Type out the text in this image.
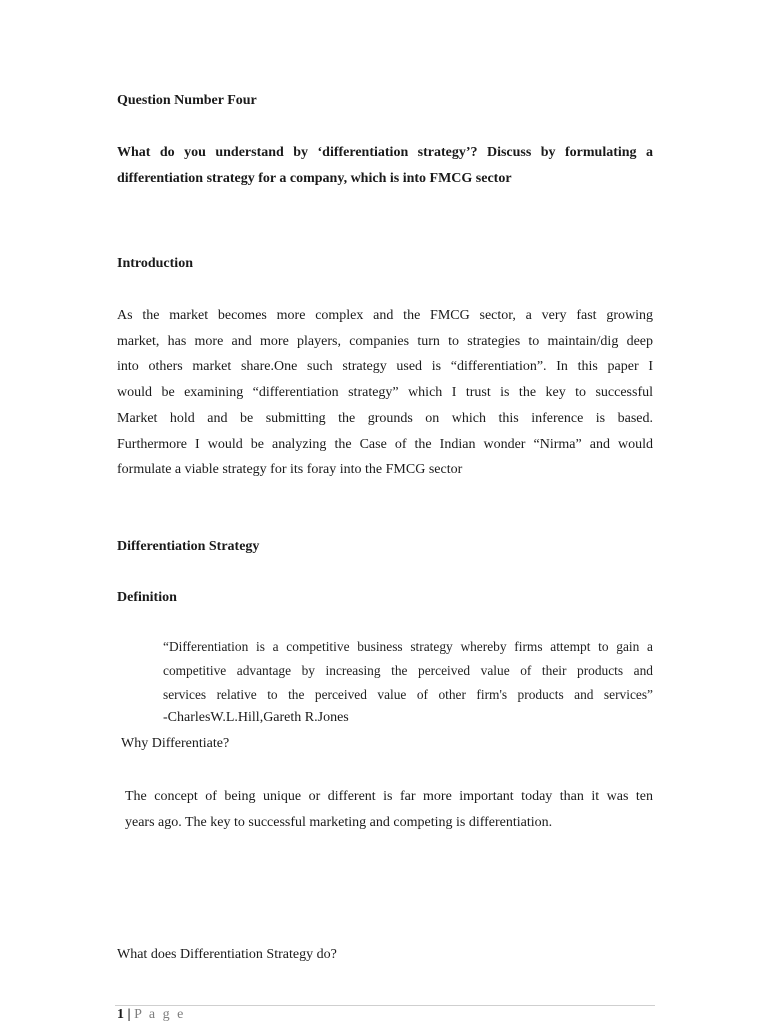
Question Number Four
What do you understand by ‘differentiation strategy’? Discuss by formulating a
differentiation strategy for a company, which is into FMCG sector
Introduction
As the market becomes more complex and the FMCG sector, a very fast growing
market, has more and more players, companies turn to strategies to maintain/dig deep
into others market share.One such strategy used is “differentiation”. In this paper I
would be examining “differentiation strategy” which I trust is the key to successful
Market hold and be submitting the grounds on which this inference is based.
Furthermore I would be analyzing the Case of the Indian wonder “Nirma” and would
formulate a viable strategy for its foray into the FMCG sector
Differentiation Strategy
Definition
“Differentiation is a competitive business strategy whereby firms attempt to gain a
competitive advantage by increasing the perceived value of their products and
services relative to the perceived value of other firm's products and services”
-CharlesW.L.Hill,Gareth R.Jones
Why Differentiate?
The concept of being unique or different is far more important today than it was ten
years ago. The key to successful marketing and competing is differentiation.
What does Differentiation Strategy do?
1 | P a g e
